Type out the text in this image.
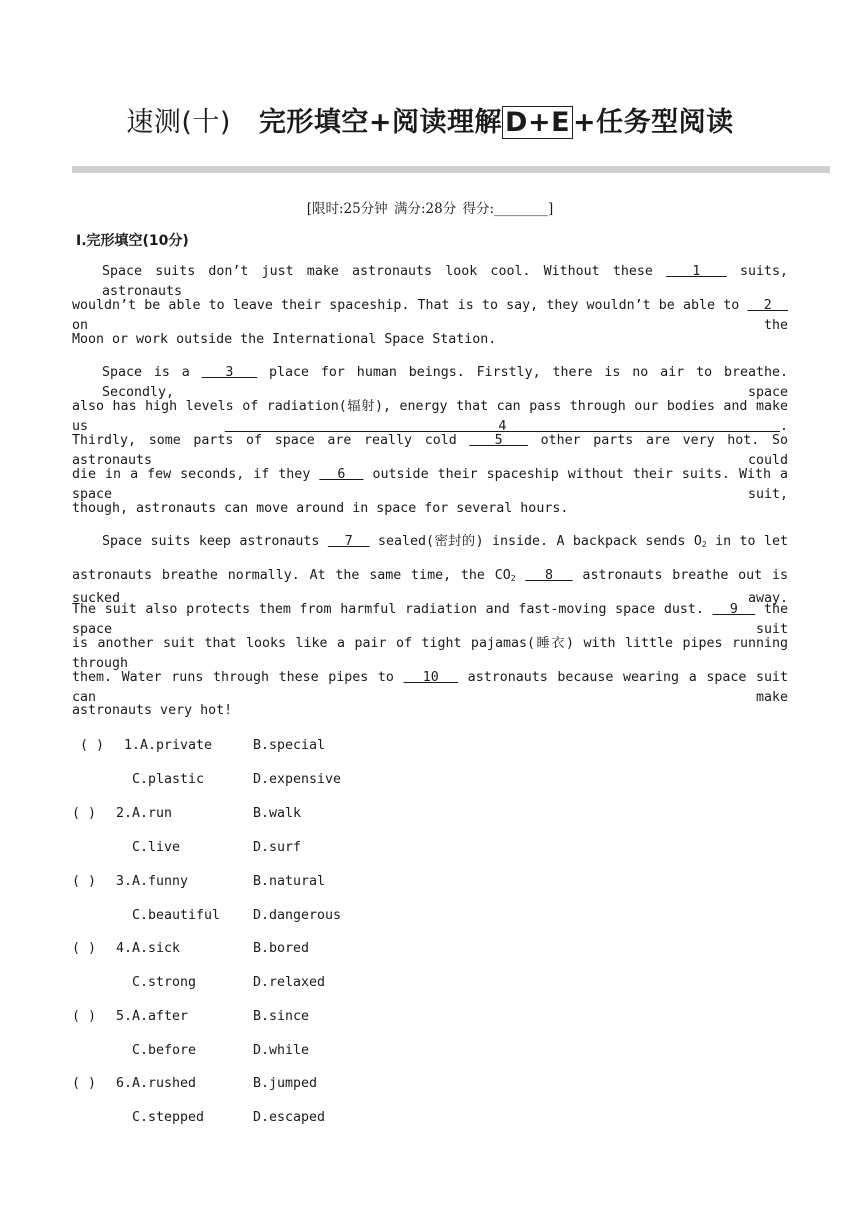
速测(十) 完形填空+阅读理解 D+E +任务型阅读
[限时:25分钟 满分:28分 得分:________]
Ⅰ.完形填空(10分)
Space suits don’t just make astronauts look cool. Without these   1   suits, astronauts
wouldn’t be able to leave their spaceship. That is to say, they wouldn’t be able to   2   on the
Moon or work outside the International Space Station.
Space is a   3   place for human beings. Firstly, there is no air to breathe. Secondly, space
also has high levels of radiation(辐射), energy that can pass through our bodies and make us   4  .
Thirdly, some parts of space are really cold   5   other parts are very hot. So astronauts could
die in a few seconds, if they   6   outside their spaceship without their suits. With a space suit,
though, astronauts can move around in space for several hours.
Space suits keep astronauts   7   sealed(密封的) inside. A backpack sends $O_2$ in to let
astronauts breathe normally. At the same time, the $CO_2$   8   astronauts breathe out is sucked away.
The suit also protects them from harmful radiation and fast-moving space dust.   9   the space suit
is another suit that looks like a pair of tight pajamas(睡衣) with little pipes running through
them. Water runs through these pipes to   10   astronauts because wearing a space suit can make
astronauts very hot!
( ) 1. A.private	B.special
C.plastic	D.expensive
( ) 2. A.run	B.walk
C.live	D.surf
( ) 3. A.funny	B.natural
C.beautiful D.dangerous
( ) 4. A.sick	B.bored
C.strong	D.relaxed
( ) 5. A.after	B.since
C.before	D.while
( ) 6. A.rushed	B.jumped
C.stepped	D.escaped
